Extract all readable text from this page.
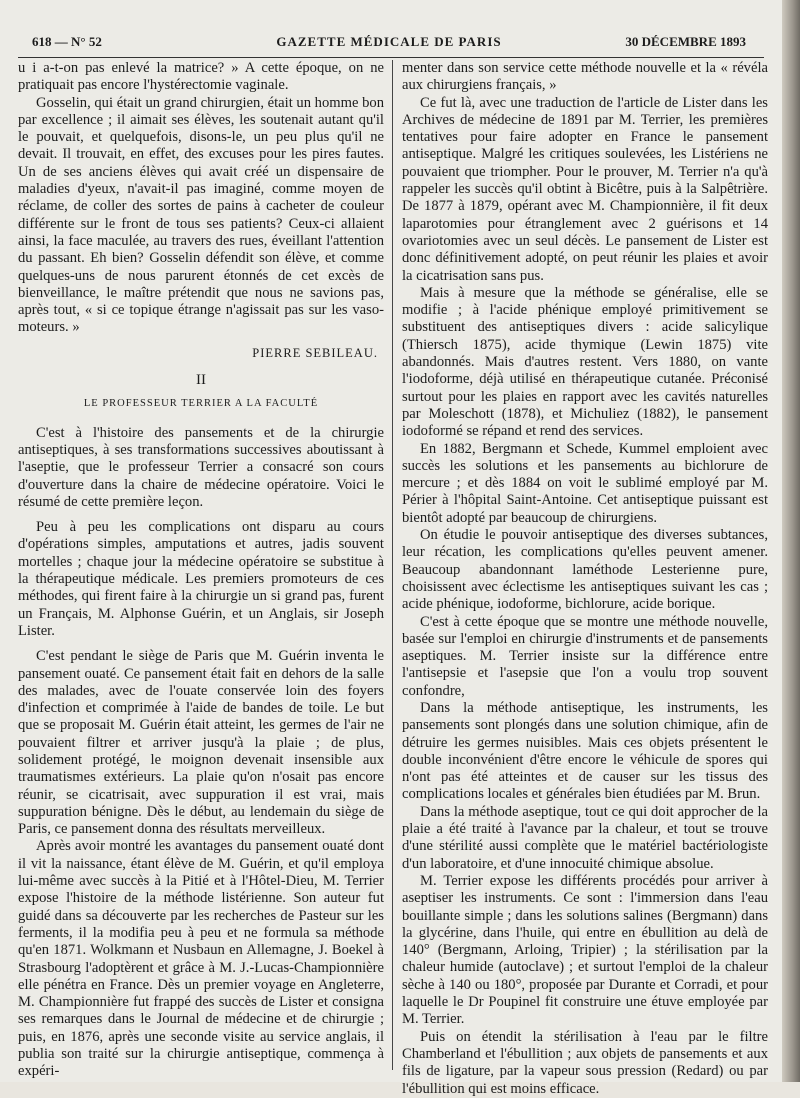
618 — N° 52	GAZETTE MÉDICALE DE PARIS	30 DÉCEMBRE 1893

u i a-t-on pas enlevé la matrice? » A cette époque, on ne pratiquait pas encore l'hystérectomie vaginale.

Gosselin, qui était un grand chirurgien, était un homme bon par excellence ; il aimait ses élèves, les soutenait autant qu'il le pouvait, et quelquefois, disons-le, un peu plus qu'il ne devait. Il trouvait, en effet, des excuses pour les pires fautes. Un de ses anciens élèves qui avait créé un dispensaire de maladies d'yeux, n'avait-il pas imaginé, comme moyen de réclame, de coller des sortes de pains à cacheter de couleur différente sur le front de tous ses patients? Ceux-ci allaient ainsi, la face maculée, au travers des rues, éveillant l'attention du passant. Eh bien? Gosselin défendit son élève, et comme quelques-uns de nous parurent étonnés de cet excès de bienveillance, le maître prétendit que nous ne savions pas, après tout, « si ce topique étrange n'agissait pas sur les vaso-moteurs. »

PIERRE SEBILEAU.

II

LE PROFESSEUR TERRIER A LA FACULTÉ

C'est à l'histoire des pansements et de la chirurgie antiseptiques, à ses transformations successives aboutissant à l'aseptie, que le professeur Terrier a consacré son cours d'ouverture dans la chaire de médecine opératoire. Voici le résumé de cette première leçon.

Peu à peu les complications ont disparu au cours d'opérations simples, amputations et autres, jadis souvent mortelles ; chaque jour la médecine opératoire se substitue à la thérapeutique médicale. Les premiers promoteurs de ces méthodes, qui firent faire à la chirurgie un si grand pas, furent un Français, M. Alphonse Guérin, et un Anglais, sir Joseph Lister.

C'est pendant le siège de Paris que M. Guérin inventa le pansement ouaté. Ce pansement était fait en dehors de la salle des malades, avec de l'ouate conservée loin des foyers d'infection et comprimée à l'aide de bandes de toile. Le but que se proposait M. Guérin était atteint, les germes de l'air ne pouvaient filtrer et arriver jusqu'à la plaie ; de plus, solidement protégé, le moignon devenait insensible aux traumatismes extérieurs. La plaie qu'on n'osait pas encore réunir, se cicatrisait, avec suppuration il est vrai, mais suppuration bénigne. Dès le début, au lendemain du siège de Paris, ce pansement donna des résultats merveilleux.

Après avoir montré les avantages du pansement ouaté dont il vit la naissance, étant élève de M. Guérin, et qu'il employa lui-même avec succès à la Pitié et à l'Hôtel-Dieu, M. Terrier expose l'histoire de la méthode listérienne. Son auteur fut guidé dans sa découverte par les recherches de Pasteur sur les ferments, il la modifia peu à peu et ne formula sa méthode qu'en 1871. Wolkmann et Nusbaun en Allemagne, J. Boekel à Strasbourg l'adoptèrent et grâce à M. J.-Lucas-Championnière elle pénétra en France. Dès un premier voyage en Angleterre, M. Championnière fut frappé des succès de Lister et consigna ses remarques dans le Journal de médecine et de chirurgie ; puis, en 1876, après une seconde visite au service anglais, il publia son traité sur la chirurgie antiseptique, commença à expéri-

menter dans son service cette méthode nouvelle et la « révéla aux chirurgiens français, »

Ce fut là, avec une traduction de l'article de Lister dans les Archives de médecine de 1891 par M. Terrier, les premières tentatives pour faire adopter en France le pansement antiseptique. Malgré les critiques soulevées, les Listériens ne pouvaient que triompher. Pour le prouver, M. Terrier n'a qu'à rappeler les succès qu'il obtint à Bicêtre, puis à la Salpêtrière. De 1877 à 1879, opérant avec M. Championnière, il fit deux laparotomies pour étranglement avec 2 guérisons et 14 ovariotomies avec un seul décès. Le pansement de Lister est donc définitivement adopté, on peut réunir les plaies et avoir la cicatrisation sans pus.

Mais à mesure que la méthode se généralise, elle se modifie ; à l'acide phénique employé primitivement se substituent des antiseptiques divers : acide salicylique (Thiersch 1875), acide thymique (Lewin 1875) vite abandonnés. Mais d'autres restent. Vers 1880, on vante l'iodoforme, déjà utilisé en thérapeutique cutanée. Préconisé surtout pour les plaies en rapport avec les cavités naturelles par Moleschott (1878), et Michuliez (1882), le pansement iodoformé se répand et rend des services.

En 1882, Bergmann et Schede, Kummel emploient avec succès les solutions et les pansements au bichlorure de mercure ; et dès 1884 on voit le sublimé employé par M. Périer à l'hôpital Saint-Antoine. Cet antiseptique puissant est bientôt adopté par beaucoup de chirurgiens.

On étudie le pouvoir antiseptique des diverses subtances, leur récation, les complications qu'elles peuvent amener. Beaucoup abandonnant laméthode Lesterienne pure, choisissent avec éclectisme les antiseptiques suivant les cas ; acide phénique, iodoforme, bichlorure, acide borique.

C'est à cette époque que se montre une méthode nouvelle, basée sur l'emploi en chirurgie d'instruments et de pansements aseptiques. M. Terrier insiste sur la différence entre l'antisepsie et l'asepsie que l'on a voulu trop souvent confondre,

Dans la méthode antiseptique, les instruments, les pansements sont plongés dans une solution chimique, afin de détruire les germes nuisibles. Mais ces objets présentent le double inconvénient d'être encore le véhicule de spores qui n'ont pas été atteintes et de causer sur les tissus des complications locales et générales bien étudiées par M. Brun.

Dans la méthode aseptique, tout ce qui doit approcher de la plaie a été traité à l'avance par la chaleur, et tout se trouve d'une stérilité aussi complète que le matériel bactériologiste d'un laboratoire, et d'une innocuité chimique absolue.

M. Terrier expose les différents procédés pour arriver à aseptiser les instruments. Ce sont : l'immersion dans l'eau bouillante simple ; dans les solutions salines (Bergmann) dans la glycérine, dans l'huile, qui entre en ébullition au delà de 140° (Bergmann, Arloing, Tripier) ; la stérilisation par la chaleur humide (autoclave) ; et surtout l'emploi de la chaleur sèche à 140 ou 180°, proposée par Durante et Corradi, et pour laquelle le Dr Poupinel fit construire une étuve employée par M. Terrier.

Puis on étendit la stérilisation à l'eau par le filtre Chamberland et l'ébullition ; aux objets de pansements et aux fils de ligature, par la vapeur sous pression (Redard) ou par l'ébullition qui est moins efficace.
